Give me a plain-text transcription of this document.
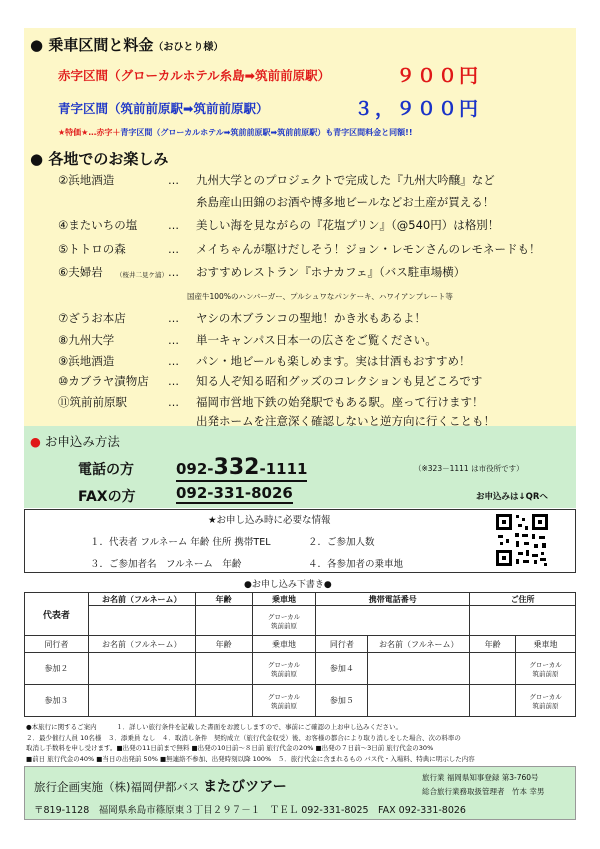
● 乗車区間と料金（おひとり様）
赤字区間（グローカルホテル糸島➡筑前前原駅）	９００円
青字区間（筑前前原駅➡筑前前原駅）	３，９００円
★特価★…赤字＋青字区間（グローカルホテル➡筑前前原駅➡筑前前原駅）も青字区間料金と同額!!
● 各地でのお楽しみ
②浜地酒造	… 九州大学とのプロジェクトで完成した『九州大吟醸』など
糸島産山田錦のお酒や博多地ビールなどお土産が買える！
④またいちの塩	… 美しい海を見ながらの『花塩プリン』（@540円）は格別！
⑤トトロの森	… メイちゃんが駆けだしそう！ジョン・レモンさんのレモネードも！
⑥夫婦岩	… おすすめレストラン『ホナカフェ』（バス駐車場横）
⑦ざうお本店	… ヤシの木ブランコの聖地！かき氷もあるよ！
⑧九州大学	… 単一キャンパス日本一の広さをご覧ください。
⑨浜地酒造	… パン・地ビールも楽しめます。実は甘酒もおすすめ！
⑩カブラヤ漬物店 … 知る人ぞ知る昭和グッズのコレクションも見どころです
⑪筑前前原駅	… 福岡市営地下鉄の始発駅でもある駅。座って行けます！
出発ホームを注意深く確認しないと逆方向に行くことも！
（桜井二見ケ浦）
国産牛100%のハンバーガー、プルシュワなパンケーキ、ハワイアンプレート等
● お申込み方法
電話の方	092-332-1111	（※323－1111 は市役所です）
FAXの方	092-331-8026	お申込みは↓QRへ
★お申し込み時に必要な情報
１．代表者 フルネーム 年齢 住所 携帯TEL	２．ご参加人数
３．ご参加者名　フルネーム　年齢	４．各参加者の乗車地
●お申し込み下書き●
代表者	お名前（フルネーム）	年齢	乗車地	携帯電話番号		ご住所	
			グローカル
筑前前原				
同行者	お名前（フルネーム）	年齢	乗車地	同行者	お名前（フルネーム）	年齢	乗車地
参加２			グローカル
筑前前原	参加４			グローカル
筑前前原
参加３			グローカル
筑前前原	参加５			グローカル
筑前前原
●本旅行に関するご案内　　　１．詳しい旅行条件を記載した書面をお渡ししますので、事前にご確認の上お申し込みください。
２．最少催行人員 10名様　３．添乗員 なし　４．取消し条件　契約成立（旅行代金収受）後、お客様の都合により取り消しをした場合、次の料率の
取消し手数料を申し受けます。■出発の11日前まで無料 ■出発の10日前～８日前 旅行代金の20% ■出発の７日前～3日前 旅行代金の30%
■前日 旅行代金の40% ■当日の出発前 50% ■無連絡不参加、出発時刻以降 100%　５．旅行代金に含まれるもの バス代・入場料、特典に明示した内容
旅行企画実施（株)福岡伊都バス またびツアー
旅行業 福岡県知事登録 第3-760号
総合旅行業務取扱管理者　竹本 幸男
〒819-1128　福岡県糸島市篠原東３丁目２９７－１　ＴＥＬ 092-331-8025　FAX 092-331-8026
